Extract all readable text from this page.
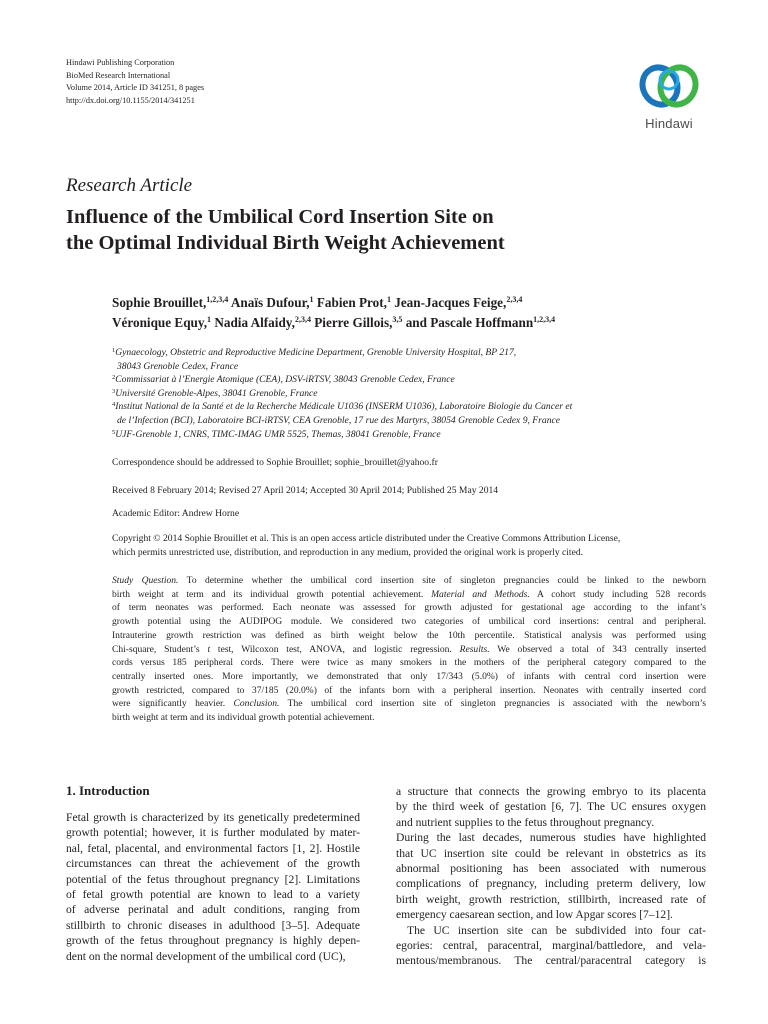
Hindawi Publishing Corporation
BioMed Research International
Volume 2014, Article ID 341251, 8 pages
http://dx.doi.org/10.1155/2014/341251
Hindawi
Research Article
Influence of the Umbilical Cord Insertion Site on
the Optimal Individual Birth Weight Achievement
Sophie Brouillet,$^{1,2,3,4}$ Anaïs Dufour,$^1$ Fabien Prot,$^1$ Jean-Jacques Feige,$^{2,3,4}$
Véronique Equy,$^1$ Nadia Alfaidy,$^{2,3,4}$ Pierre Gillois,$^{3,5}$ and Pascale Hoffmann$^{1,2,3,4}$
$^1$Gynaecology, Obstetric and Reproductive Medicine Department, Grenoble University Hospital, BP 217,
38043 Grenoble Cedex, France
$^2$Commissariat à l’Energie Atomique (CEA), DSV-iRTSV, 38043 Grenoble Cedex, France
$^3$Université Grenoble-Alpes, 38041 Grenoble, France
$^4$Institut National de la Santé et de la Recherche Médicale U1036 (INSERM U1036), Laboratoire Biologie du Cancer et
de l’Infection (BCI), Laboratoire BCI-iRTSV, CEA Grenoble, 17 rue des Martyrs, 38054 Grenoble Cedex 9, France
$^5$UJF-Grenoble 1, CNRS, TIMC-IMAG UMR 5525, Themas, 38041 Grenoble, France
Correspondence should be addressed to Sophie Brouillet; sophie_brouillet@yahoo.fr
Received 8 February 2014; Revised 27 April 2014; Accepted 30 April 2014; Published 25 May 2014
Academic Editor: Andrew Horne
Copyright © 2014 Sophie Brouillet et al. This is an open access article distributed under the Creative Commons Attribution License,
which permits unrestricted use, distribution, and reproduction in any medium, provided the original work is properly cited.
Study Question. To determine whether the umbilical cord insertion site of singleton pregnancies could be linked to the newborn
birth weight at term and its individual growth potential achievement. Material and Methods. A cohort study including 528 records
of term neonates was performed. Each neonate was assessed for growth adjusted for gestational age according to the infant’s
growth potential using the AUDIPOG module. We considered two categories of umbilical cord insertions: central and peripheral.
Intrauterine growth restriction was defined as birth weight below the 10th percentile. Statistical analysis was performed using
Chi-square, Student’s t test, Wilcoxon test, ANOVA, and logistic regression. Results. We observed a total of 343 centrally inserted
cords versus 185 peripheral cords. There were twice as many smokers in the mothers of the peripheral category compared to the
centrally inserted ones. More importantly, we demonstrated that only 17/343 (5.0%) of infants with central cord insertion were
growth restricted, compared to 37/185 (20.0%) of the infants born with a peripheral insertion. Neonates with centrally inserted cord
were significantly heavier. Conclusion. The umbilical cord insertion site of singleton pregnancies is associated with the newborn’s
birth weight at term and its individual growth potential achievement.
1. Introduction
Fetal growth is characterized by its genetically predetermined
growth potential; however, it is further modulated by mater-
nal, fetal, placental, and environmental factors [1, 2]. Hostile
circumstances can threat the achievement of the growth
potential of the fetus throughout pregnancy [2]. Limitations
of fetal growth potential are known to lead to a variety
of adverse perinatal and adult conditions, ranging from
stillbirth to chronic diseases in adulthood [3–5]. Adequate
growth of the fetus throughout pregnancy is highly depen-
dent on the normal development of the umbilical cord (UC),
a structure that connects the growing embryo to its placenta
by the third week of gestation [6, 7]. The UC ensures oxygen
and nutrient supplies to the fetus throughout pregnancy.
During the last decades, numerous studies have highlighted
that UC insertion site could be relevant in obstetrics as its
abnormal positioning has been associated with numerous
complications of pregnancy, including preterm delivery, low
birth weight, growth restriction, stillbirth, increased rate of
emergency caesarean section, and low Apgar scores [7–12].
The UC insertion site can be subdivided into four cat-
egories: central, paracentral, marginal/battledore, and vela-
mentous/membranous. The central/paracentral category is
